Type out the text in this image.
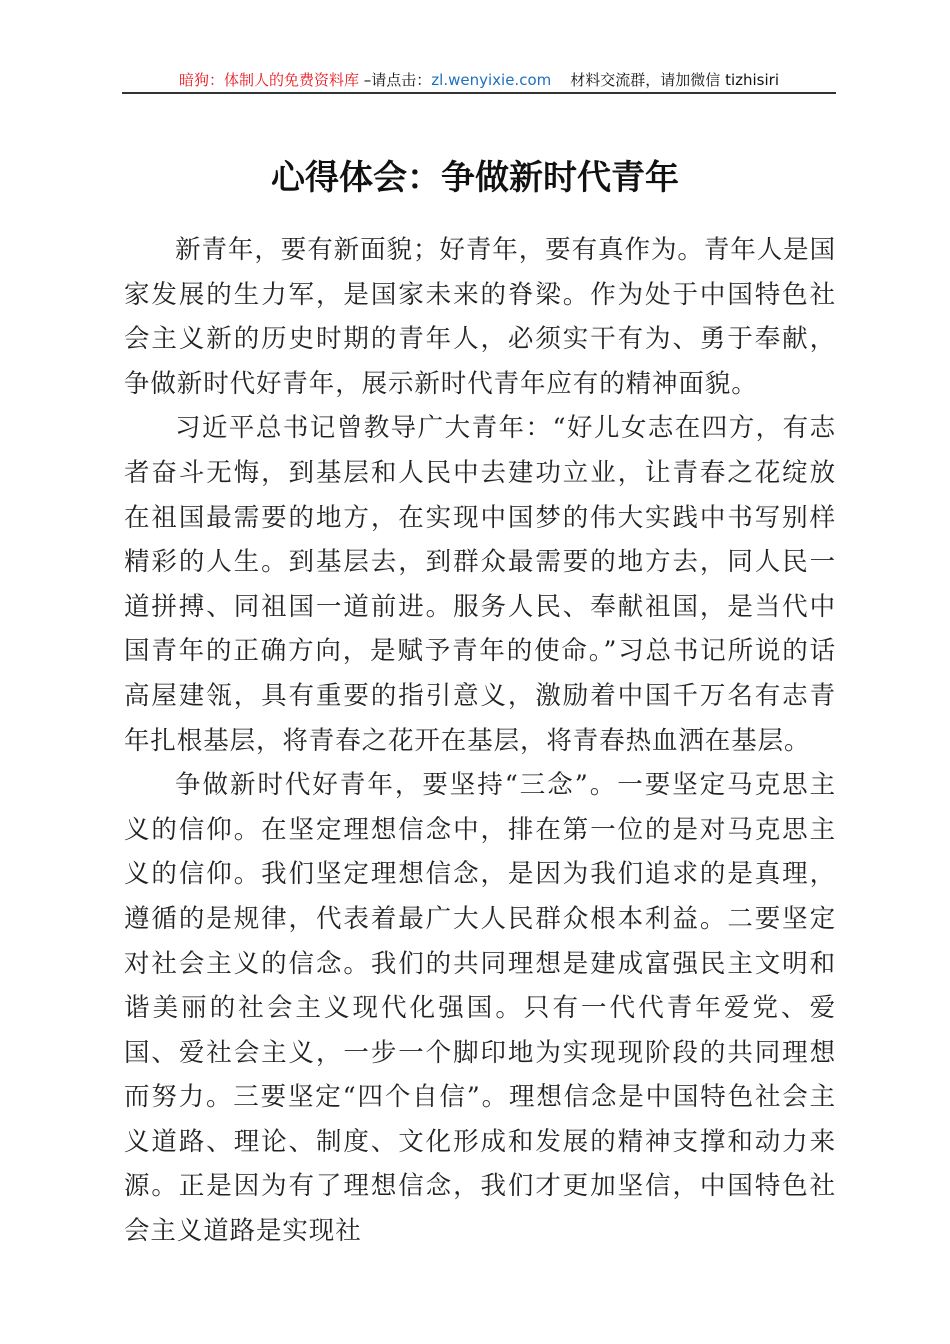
暗狗：体制人的免费资料库 –请点击：zl.wenyixie.com    材料交流群，请加微信 tizhisiri
心得体会：争做新时代青年

新青年，要有新面貌；好青年，要有真作为。青年人是国家发展的生力军，是国家未来的脊梁。作为处于中国特色社会主义新的历史时期的青年人，必须实干有为、勇于奉献，争做新时代好青年，展示新时代青年应有的精神面貌。

习近平总书记曾教导广大青年：“好儿女志在四方，有志者奋斗无悔，到基层和人民中去建功立业，让青春之花绽放在祖国最需要的地方，在实现中国梦的伟大实践中书写别样精彩的人生。到基层去，到群众最需要的地方去，同人民一道拼搏、同祖国一道前进。服务人民、奉献祖国，是当代中国青年的正确方向，是赋予青年的使命。”习总书记所说的话高屋建瓴，具有重要的指引意义，激励着中国千万名有志青年扎根基层，将青春之花开在基层，将青春热血洒在基层。

争做新时代好青年，要坚持“三念”。一要坚定马克思主义的信仰。在坚定理想信念中，排在第一位的是对马克思主义的信仰。我们坚定理想信念，是因为我们追求的是真理，遵循的是规律，代表着最广大人民群众根本利益。二要坚定对社会主义的信念。我们的共同理想是建成富强民主文明和谐美丽的社会主义现代化强国。只有一代代青年爱党、爱国、爱社会主义，一步一个脚印地为实现现阶段的共同理想而努力。三要坚定“四个自信”。理想信念是中国特色社会主义道路、理论、制度、文化形成和发展的精神支撑和动力来源。正是因为有了理想信念，我们才更加坚信，中国特色社会主义道路是实现社
